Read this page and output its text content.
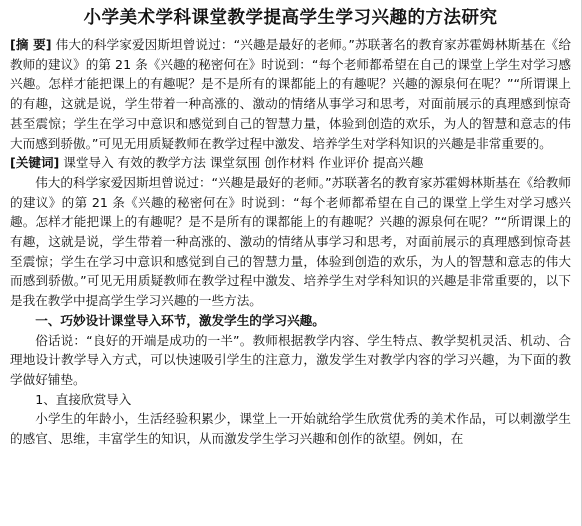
小学美术学科课堂教学提高学生学习兴趣的方法研究

[摘 要] 伟大的科学家爱因斯坦曾说过：“兴趣是最好的老师。”苏联著名的教育家苏霍姆林斯基在《给教师的建议》的第 21 条《兴趣的秘密何在》时说到：“每个老师都希望在自己的课堂上学生对学习感兴趣。怎样才能把课上的有趣呢？是不是所有的课都能上的有趣呢？兴趣的源泉何在呢？”“所谓课上的有趣，这就是说，学生带着一种高涨的、激动的情绪从事学习和思考，对面前展示的真理感到惊奇甚至震惊；学生在学习中意识和感觉到自己的智慧力量，体验到创造的欢乐，为人的智慧和意志的伟大而感到骄傲。”可见无用质疑教师在教学过程中激发、培养学生对学科知识的兴趣是非常重要的。

[关键词] 课堂导入 有效的教学方法 课堂氛围 创作材料 作业评价 提高兴趣

伟大的科学家爱因斯坦曾说过：“兴趣是最好的老师。”苏联著名的教育家苏霍姆林斯基在《给教师的建议》的第 21 条《兴趣的秘密何在》时说到：“每个老师都希望在自己的课堂上学生对学习感兴趣。怎样才能把课上的有趣呢？是不是所有的课都能上的有趣呢？兴趣的源泉何在呢？”“所谓课上的有趣，这就是说，学生带着一种高涨的、激动的情绪从事学习和思考，对面前展示的真理感到惊奇甚至震惊；学生在学习中意识和感觉到自己的智慧力量，体验到创造的欢乐，为人的智慧和意志的伟大而感到骄傲。”可见无用质疑教师在教学过程中激发、培养学生对学科知识的兴趣是非常重要的，以下是我在教学中提高学生学习兴趣的一些方法。

一、巧妙设计课堂导入环节，激发学生的学习兴趣。

俗话说：“良好的开端是成功的一半”。教师根据教学内容、学生特点、教学契机灵活、机动、合理地设计教学导入方式，可以快速吸引学生的注意力，激发学生对教学内容的学习兴趣，为下面的教学做好铺垫。

1、直接欣赏导入

小学生的年龄小，生活经验积累少，课堂上一开始就给学生欣赏优秀的美术作品，可以刺激学生的感官、思维，丰富学生的知识，从而激发学生学习兴趣和创作的欲望。例如，在
